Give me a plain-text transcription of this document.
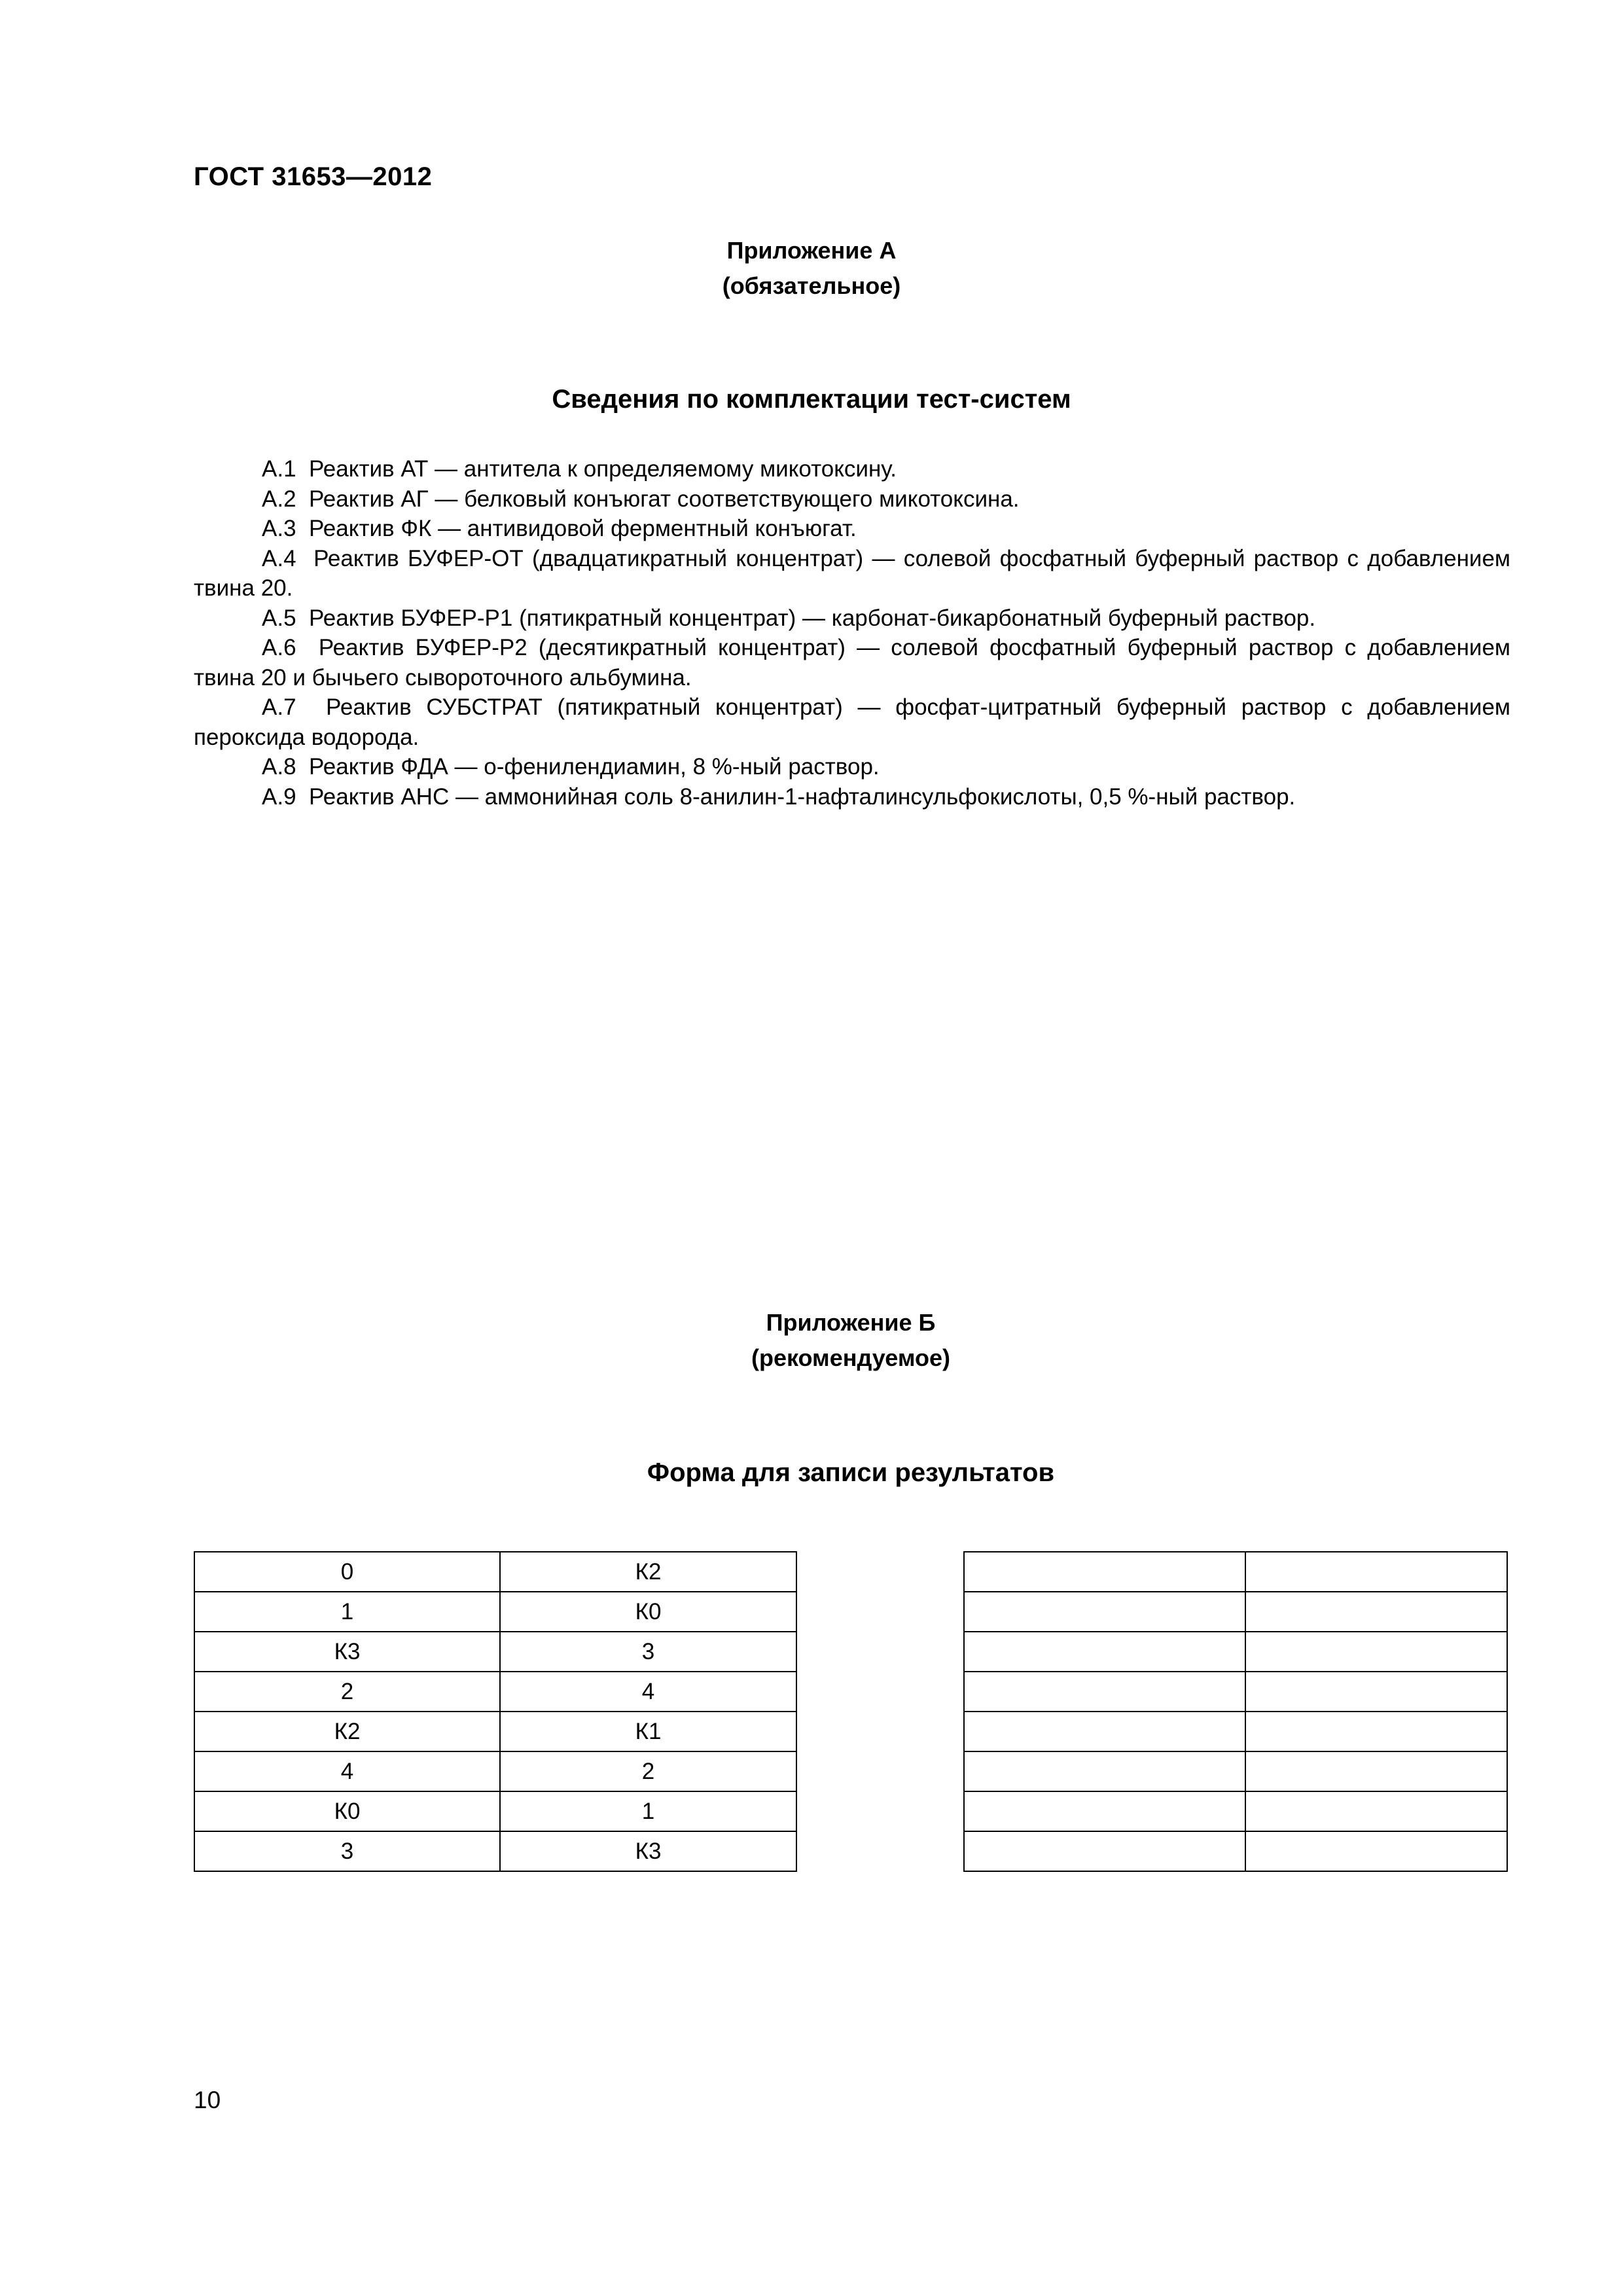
ГОСТ 31653—2012
Приложение А
(обязательное)
Сведения по комплектации тест-систем

А.1 Реактив АТ — антитела к определяемому микотоксину.

А.2 Реактив АГ — белковый конъюгат соответствующего микотоксина.

А.3 Реактив ФК — антивидовой ферментный конъюгат.

А.4 Реактив БУФЕР-ОТ (двадцатикратный концентрат) — солевой фосфатный буферный раствор с добавлением твина 20.

А.5 Реактив БУФЕР-Р1 (пятикратный концентрат) — карбонат-бикарбонатный буферный раствор.

А.6 Реактив БУФЕР-Р2 (десятикратный концентрат) — солевой фосфатный буферный раствор с добавлением твина 20 и бычьего сывороточного альбумина.

А.7 Реактив СУБСТРАТ (пятикратный концентрат) — фосфат-цитратный буферный раствор с добавлением пероксида водорода.

А.8 Реактив ФДА — о-фенилендиамин, 8 %-ный раствор.

А.9 Реактив АНС — аммонийная соль 8-анилин-1-нафталинсульфокислоты, 0,5 %-ный раствор.

Приложение Б
(рекомендуемое)
Форма для записи результатов
0	К2
1	К0
К3	3
2	4
К2	К1
4	2
К0	1
3	К3

10
